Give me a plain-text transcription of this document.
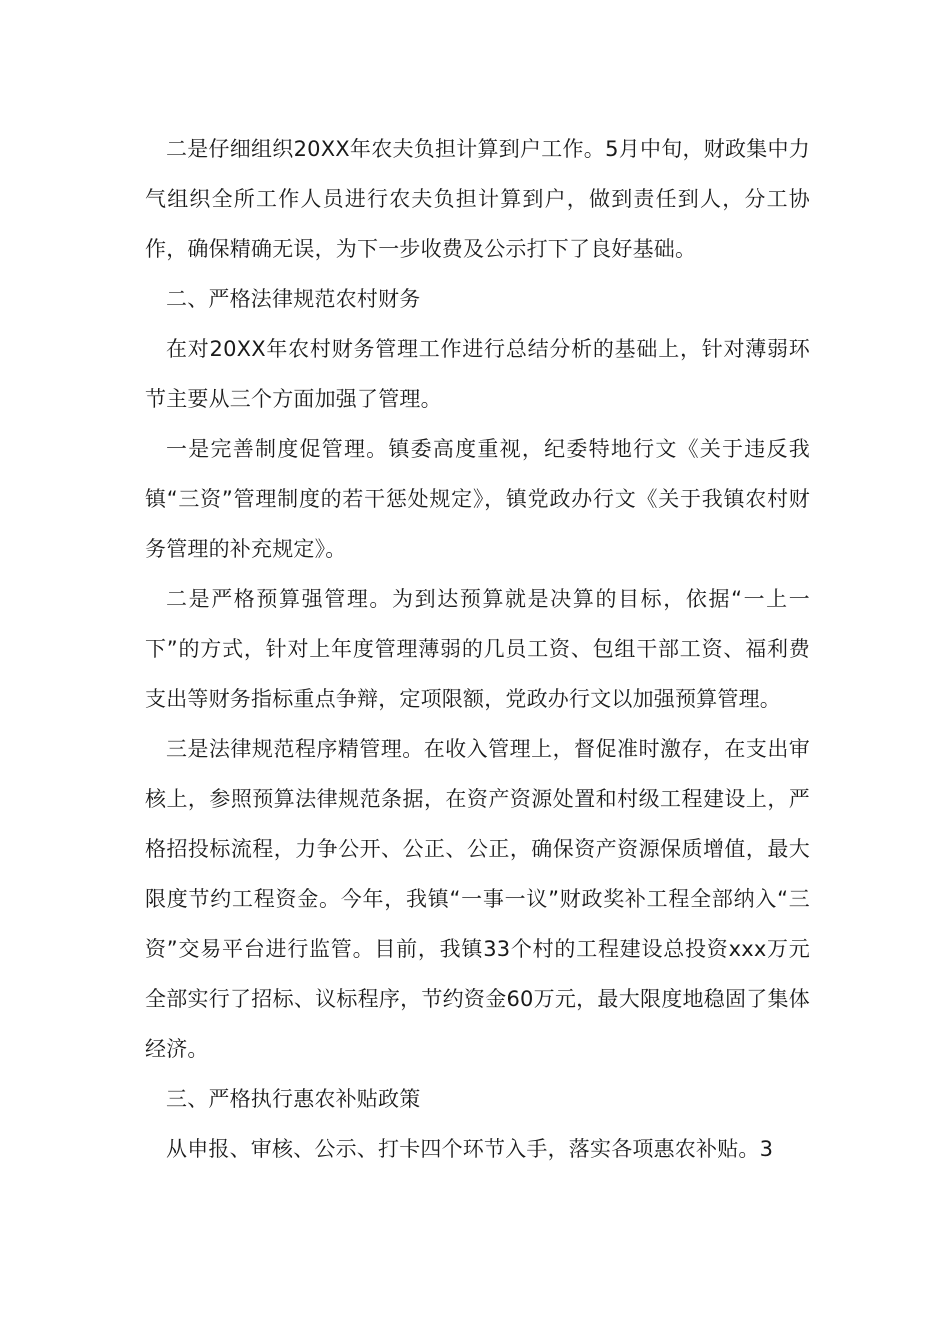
二是仔细组织20XX年农夫负担计算到户工作。5月中旬，财政集中力气组织全所工作人员进行农夫负担计算到户，做到责任到人，分工协作，确保精确无误，为下一步收费及公示打下了良好基础。

二、严格法律规范农村财务

在对20XX年农村财务管理工作进行总结分析的基础上，针对薄弱环节主要从三个方面加强了管理。

一是完善制度促管理。镇委高度重视，纪委特地行文《关于违反我镇“三资”管理制度的若干惩处规定》，镇党政办行文《关于我镇农村财务管理的补充规定》。

二是严格预算强管理。为到达预算就是决算的目标，依据“一上一下”的方式，针对上年度管理薄弱的几员工资、包组干部工资、福利费支出等财务指标重点争辩，定项限额，党政办行文以加强预算管理。

三是法律规范程序精管理。在收入管理上，督促准时激存，在支出审核上，参照预算法律规范条据，在资产资源处置和村级工程建设上，严格招投标流程，力争公开、公正、公正，确保资产资源保质增值，最大限度节约工程资金。今年，我镇“一事一议”财政奖补工程全部纳入“三资”交易平台进行监管。目前，我镇33个村的工程建设总投资xxx万元全部实行了招标、议标程序，节约资金60万元，最大限度地稳固了集体经济。

三、严格执行惠农补贴政策

从申报、审核、公示、打卡四个环节入手，落实各项惠农补贴。3
